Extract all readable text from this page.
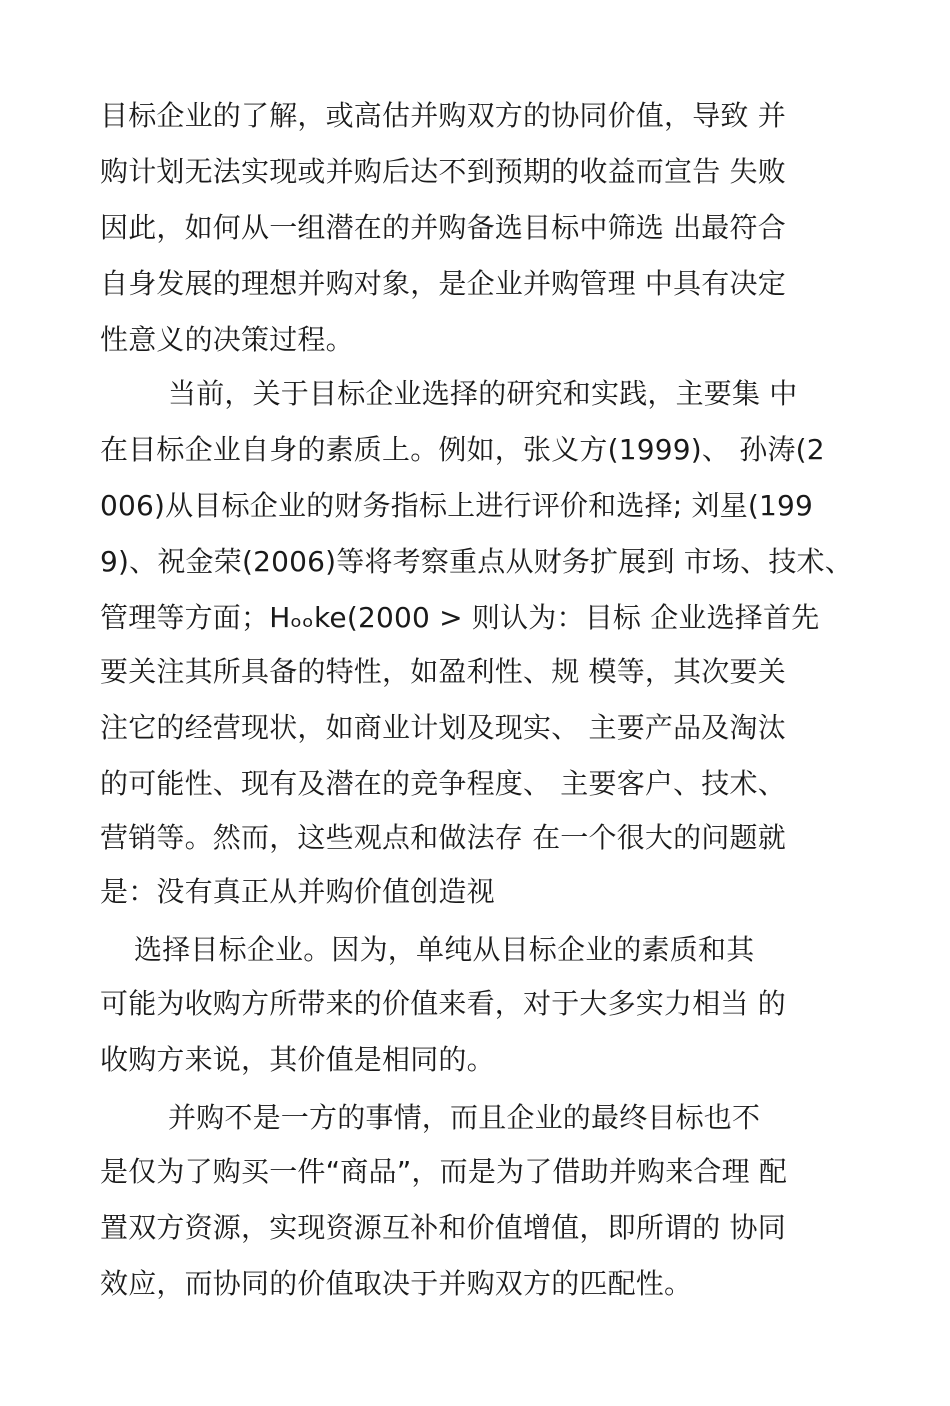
目标企业的了解，或高估并购双方的协同价值，导致 并
购计划无法实现或并购后达不到预期的收益而宣告 失败
因此，如何从一组潜在的并购备选目标中筛选 出最符合
自身发展的理想并购对象，是企业并购管理 中具有决定
性意义的决策过程。
当前，关于目标企业选择的研究和实践，主要集 中
在目标企业自身的素质上。例如，张义方(1999)、 孙涛(2
006)从目标企业的财务指标上进行评价和选择; 刘星(199
9)、祝金荣(2006)等将考察重点从财务扩展到 市场、技术、
管理等方面；Hₒₒke(2000 > 则认为：目标 企业选择首先
要关注其所具备的特性，如盈利性、规 模等，其次要关
注它的经营现状，如商业计划及现实、 主要产品及淘汰
的可能性、现有及潜在的竞争程度、 主要客户、技术、
营销等。然而，这些观点和做法存 在一个很大的问题就
是：没有真正从并购价值创造视
选择目标企业。因为，单纯从目标企业的素质和其
可能为收购方所带来的价值来看，对于大多实力相当 的
收购方来说，其价值是相同的。
并购不是一方的事情，而且企业的最终目标也不
是仅为了购买一件“商品”，而是为了借助并购来合理 配
置双方资源，实现资源互补和价值增值，即所谓的 协同
效应，而协同的价值取决于并购双方的匹配性。
